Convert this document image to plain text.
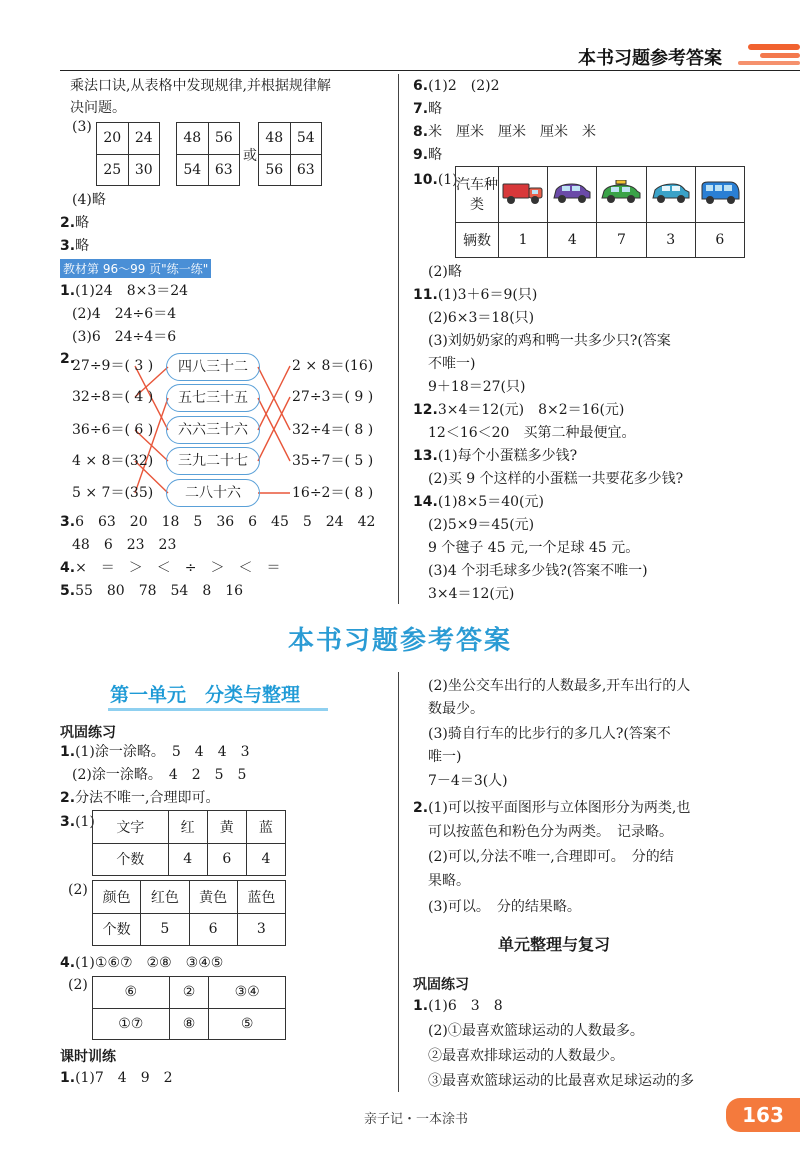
本书习题参考答案
乘法口诀,从表格中发现规律,并根据规律解
决问题。
(3)
20	24
25	30
48	56
54	63
或
48	54
56	63
(4)略
2.略
3.略
教材第 96～99 页"练一练"
1.(1)24　8×3＝24
(2)4　24÷6＝4
(3)6　24÷4＝6
2.
27÷9＝( 3 )
32÷8＝( 4 )
36÷6＝( 6 )
4 × 8＝(32)
5 × 7＝(35)
四八三十二
五七三十五
六六三十六
三九二十七
二八十六
2 × 8＝(16)
27÷3＝( 9 )
32÷4＝( 8 )
35÷7＝( 5 )
16÷2＝( 8 )
3.6　63　20　18　5　36　6　45　5　24　42
48　6　23　23
4.×　＝　＞　＜　÷　＞　＜　＝
5.55　80　78　54　8　16
6.(1)2　(2)2
7.略
8.米　厘米　厘米　厘米　米
9.略
10.(1)
汽车种类					
辆数	1	4	7	3	6
(2)略
11.(1)3＋6＝9(只)
(2)6×3＝18(只)
(3)刘奶奶家的鸡和鸭一共多少只?(答案
不唯一)
9＋18＝27(只)
12.3×4＝12(元)　8×2＝16(元)
12＜16＜20　买第二种最便宜。
13.(1)每个小蛋糕多少钱?
(2)买 9 个这样的小蛋糕一共要花多少钱?
14.(1)8×5＝40(元)
(2)5×9＝45(元)
9 个毽子 45 元,一个足球 45 元。
(3)4 个羽毛球多少钱?(答案不唯一)
3×4＝12(元)
本书习题参考答案
第一单元　分类与整理
巩固练习
1.(1)涂一涂略。　5　4　4　3
(2)涂一涂略。　4　2　5　5
2.分法不唯一,合理即可。
3.(1) 文字	红	黄	蓝
个数	4	6	4
(2) 颜色	红色	黄色	蓝色
个数	5	6	3
4.(1)①⑥⑦　②⑧　③④⑤
(2)	⑥	②	③④
①⑦	⑧	⑤
课时训练
1.(1)7　4　9　2
(2)坐公交车出行的人数最多,开车出行的人
数最少。
(3)骑自行车的比步行的多几人?(答案不
唯一)
7－4＝3(人)
2.(1)可以按平面图形与立体图形分为两类,也
可以按蓝色和粉色分为两类。　记录略。
(2)可以,分法不唯一,合理即可。　分的结
果略。
(3)可以。　分的结果略。
单元整理与复习
巩固练习
1.(1)6　3　8
(2)①最喜欢篮球运动的人数最多。
②最喜欢排球运动的人数最少。
③最喜欢篮球运动的比最喜欢足球运动的多
亲子记・一本涂书	163
